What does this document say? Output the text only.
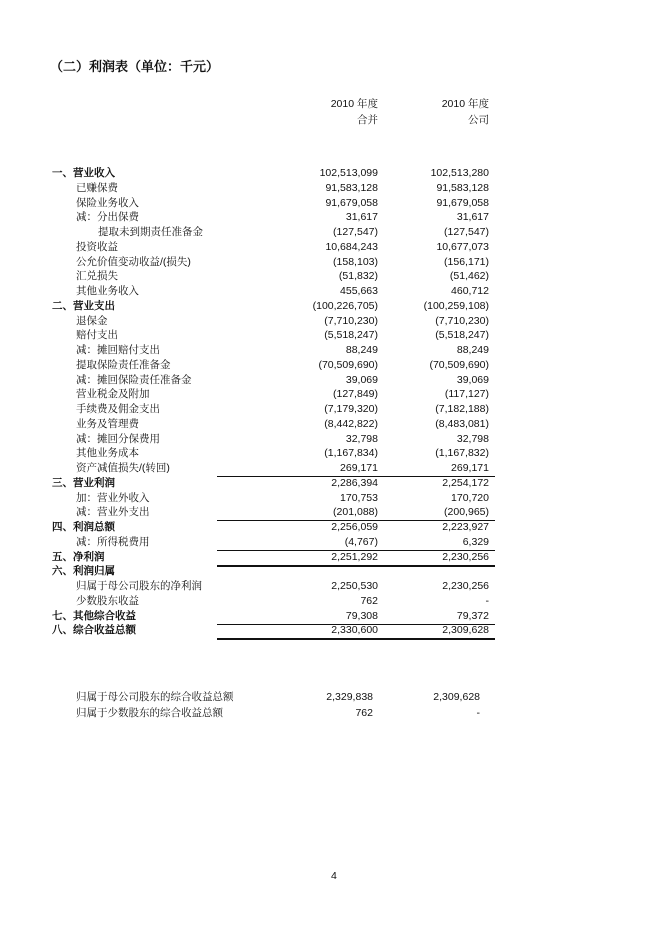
（二）利润表（单位：千元）
2010 年度
合并
2010 年度
公司
一、营业收入	102,513,099	102,513,280
已赚保费	91,583,128	91,583,128
保险业务收入	91,679,058	91,679,058
减：分出保费	31,617	31,617
提取未到期责任准备金	(127,547)	(127,547)
投资收益	10,684,243	10,677,073
公允价值变动收益/(损失)	(158,103)	(156,171)
汇兑损失	(51,832)	(51,462)
其他业务收入	455,663	460,712
二、营业支出	(100,226,705)	(100,259,108)
退保金	(7,710,230)	(7,710,230)
赔付支出	(5,518,247)	(5,518,247)
减：摊回赔付支出	88,249	88,249
提取保险责任准备金	(70,509,690)	(70,509,690)
减：摊回保险责任准备金	39,069	39,069
营业税金及附加	(127,849)	(117,127)
手续费及佣金支出	(7,179,320)	(7,182,188)
业务及管理费	(8,442,822)	(8,483,081)
减：摊回分保费用	32,798	32,798
其他业务成本	(1,167,834)	(1,167,832)
资产减值损失/(转回)	269,171	269,171
三、营业利润	2,286,394	2,254,172
加：营业外收入	170,753	170,720
减：营业外支出	(201,088)	(200,965)
四、利润总额	2,256,059	2,223,927
减：所得税费用	(4,767)	6,329
五、净利润	2,251,292	2,230,256
六、利润归属
归属于母公司股东的净利润	2,250,530	2,230,256
少数股东收益	762	-
七、其他综合收益	79,308	79,372
八、综合收益总额	2,330,600	2,309,628
归属于母公司股东的综合收益总额	2,329,838	2,309,628
归属于少数股东的综合收益总额	762	-
4
